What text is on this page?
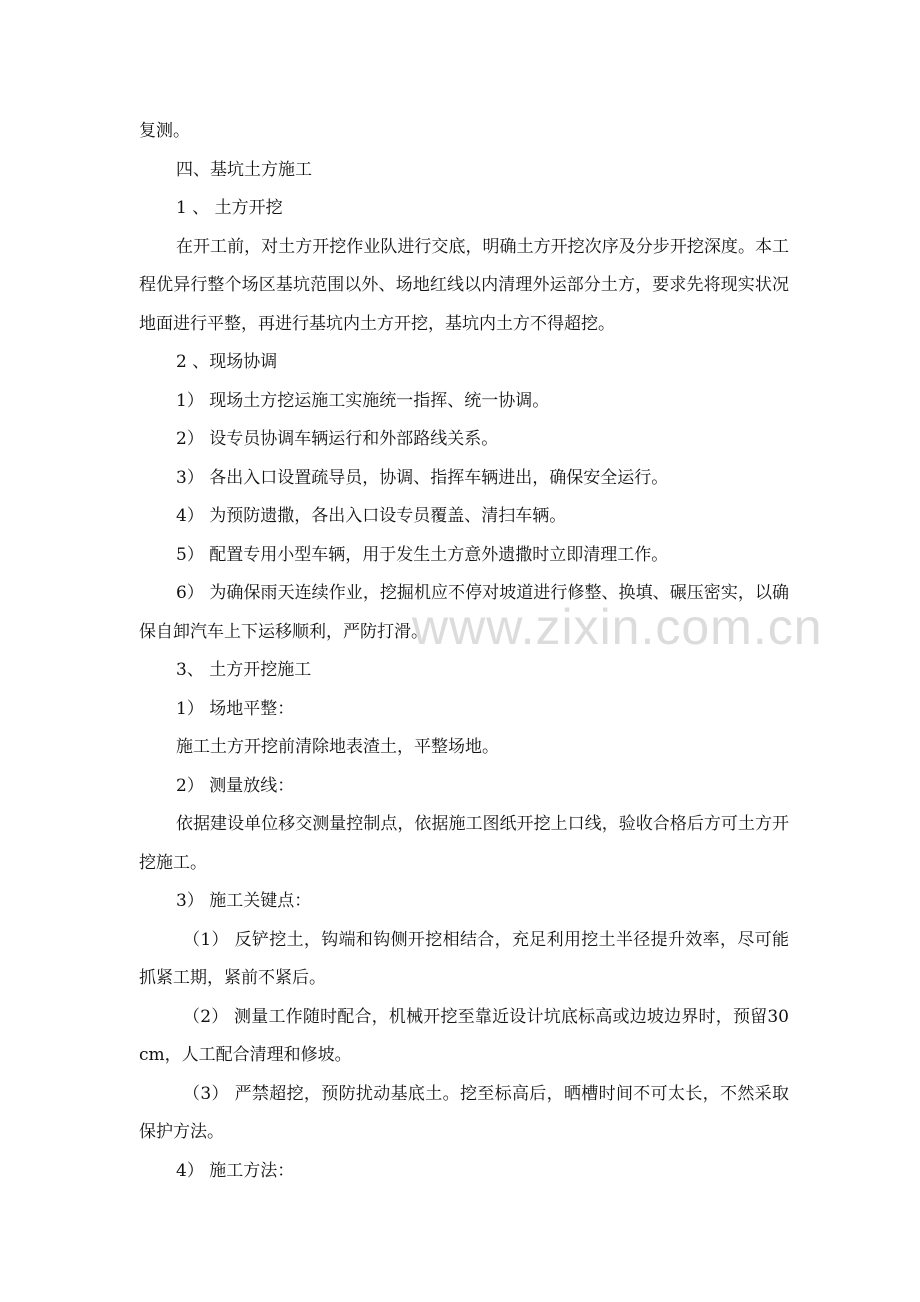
www.zixin.com.cn

复测。

四、基坑土方施工

1 、 土方开挖

在开工前，对土方开挖作业队进行交底，明确土方开挖次序及分步开挖深度。本工程优异行整个场区基坑范围以外、场地红线以内清理外运部分土方，要求先将现实状况地面进行平整，再进行基坑内土方开挖，基坑内土方不得超挖。

2 、现场协调

1） 现场土方挖运施工实施统一指挥、统一协调。

2） 设专员协调车辆运行和外部路线关系。

3） 各出入口设置疏导员，协调、指挥车辆进出，确保安全运行。

4） 为预防遗撒，各出入口设专员覆盖、清扫车辆。

5） 配置专用小型车辆，用于发生土方意外遗撒时立即清理工作。

6） 为确保雨天连续作业，挖掘机应不停对坡道进行修整、换填、碾压密实，以确保自卸汽车上下运移顺利，严防打滑。

3、 土方开挖施工

1） 场地平整：

施工土方开挖前清除地表渣土，平整场地。

2） 测量放线：

依据建设单位移交测量控制点，依据施工图纸开挖上口线，验收合格后方可土方开挖施工。

3） 施工关键点：

（1） 反铲挖土，钩端和钩侧开挖相结合，充足利用挖土半径提升效率，尽可能抓紧工期，紧前不紧后。

（2） 测量工作随时配合，机械开挖至靠近设计坑底标高或边坡边界时，预留30cm，人工配合清理和修坡。

（3） 严禁超挖，预防扰动基底土。挖至标高后，晒槽时间不可太长，不然采取保护方法。

4） 施工方法：
